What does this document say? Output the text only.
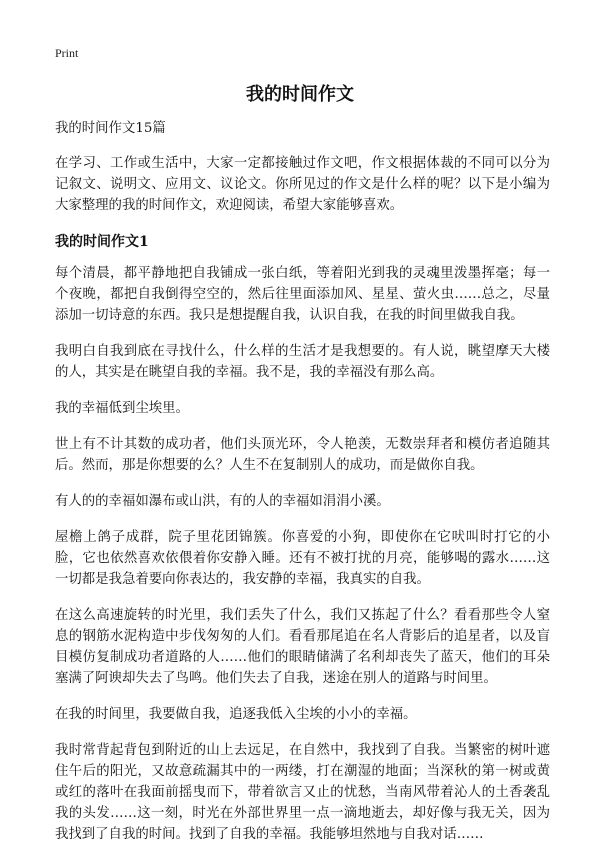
Print
我的时间作文

我的时间作文15篇

在学习、工作或生活中，大家一定都接触过作文吧，作文根据体裁的不同可以分为记叙文、说明文、应用文、议论文。你所见过的作文是什么样的呢？以下是小编为大家整理的我的时间作文，欢迎阅读，希望大家能够喜欢。

我的时间作文1

每个清晨，都平静地把自我铺成一张白纸，等着阳光到我的灵魂里泼墨挥毫；每一个夜晚，都把自我倒得空空的，然后往里面添加风、星星、萤火虫……总之，尽量添加一切诗意的东西。我只是想提醒自我，认识自我，在我的时间里做我自我。

我明白自我到底在寻找什么，什么样的生活才是我想要的。有人说，眺望摩天大楼的人，其实是在眺望自我的幸福。我不是，我的幸福没有那么高。

我的幸福低到尘埃里。

世上有不计其数的成功者，他们头顶光环，令人艳羡，无数崇拜者和模仿者追随其后。然而，那是你想要的么？人生不在复制别人的成功，而是做你自我。

有人的的幸福如瀑布或山洪，有的人的幸福如涓涓小溪。

屋檐上鸽子成群，院子里花团锦簇。你喜爱的小狗，即使你在它吠叫时打它的小脸，它也依然喜欢依偎着你安静入睡。还有不被打扰的月亮，能够喝的露水……这一切都是我急着要向你表达的，我安静的幸福，我真实的自我。

在这么高速旋转的时光里，我们丢失了什么，我们又拣起了什么？看看那些令人窒息的钢筋水泥构造中步伐匆匆的人们。看看那尾追在名人背影后的追星者，以及盲目模仿复制成功者道路的人……他们的眼睛储满了名利却丧失了蓝天，他们的耳朵塞满了阿谀却失去了鸟鸣。他们失去了自我，迷途在别人的道路与时间里。

在我的时间里，我要做自我，追逐我低入尘埃的小小的幸福。

我时常背起背包到附近的山上去远足，在自然中，我找到了自我。当繁密的树叶遮住午后的阳光，又故意疏漏其中的一两缕，打在潮湿的地面；当深秋的第一树或黄或红的落叶在我面前摇曳而下，带着欲言又止的忧愁，当南风带着沁人的土香袭乱我的头发……这一刻，时光在外部世界里一点一滴地逝去，却好像与我无关，因为我找到了自我的时间。找到了自我的幸福。我能够坦然地与自我对话……
